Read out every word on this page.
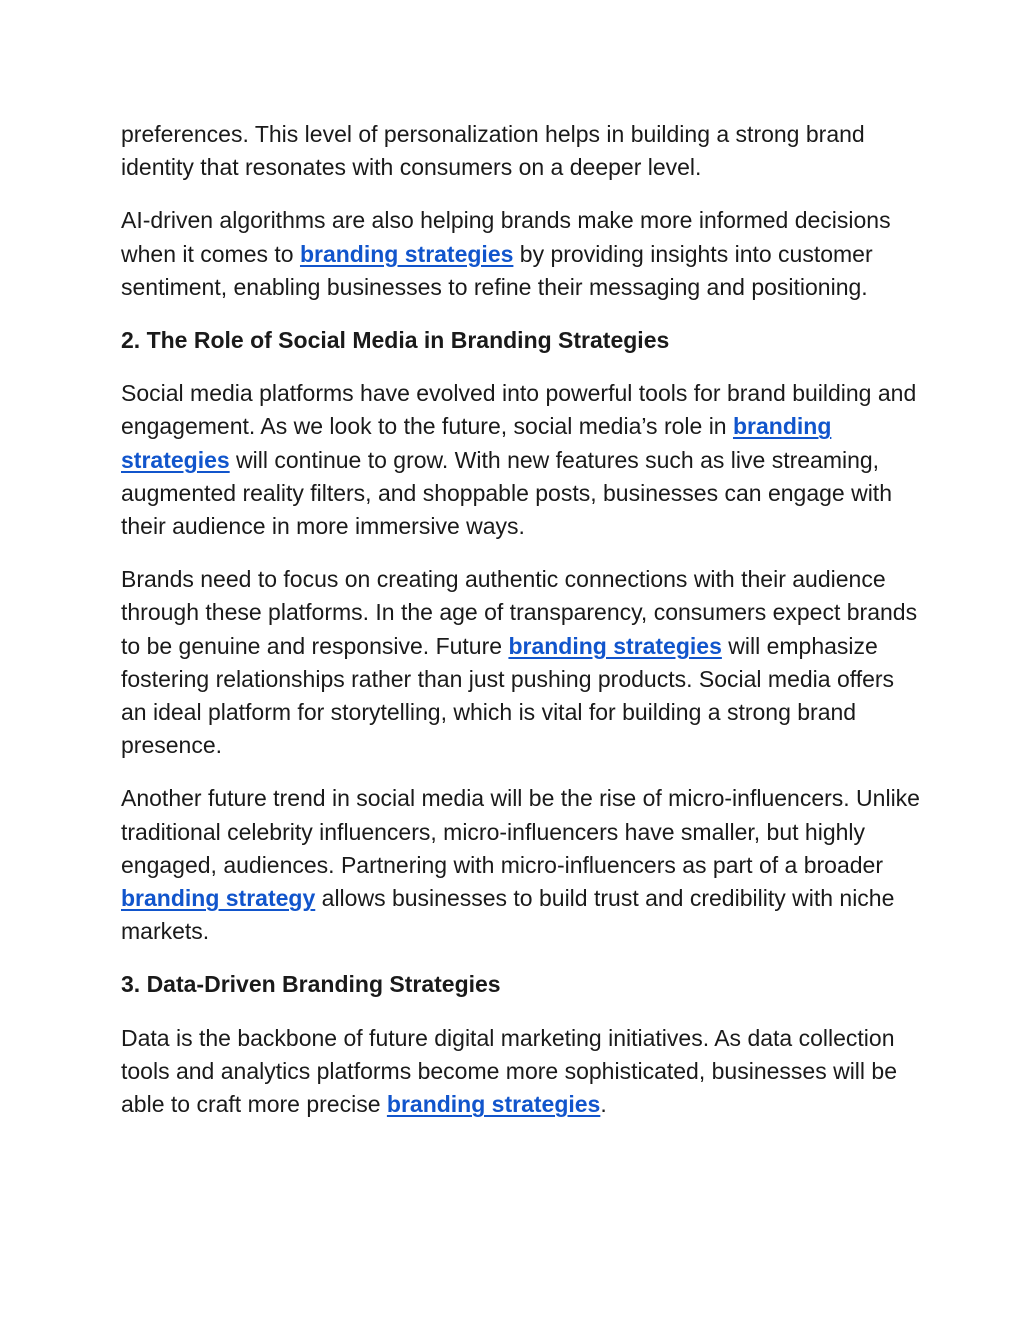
preferences. This level of personalization helps in building a strong brand identity that resonates with consumers on a deeper level.

AI-driven algorithms are also helping brands make more informed decisions when it comes to branding strategies by providing insights into customer sentiment, enabling businesses to refine their messaging and positioning.

2. The Role of Social Media in Branding Strategies

Social media platforms have evolved into powerful tools for brand building and engagement. As we look to the future, social media’s role in branding strategies will continue to grow. With new features such as live streaming, augmented reality filters, and shoppable posts, businesses can engage with their audience in more immersive ways.

Brands need to focus on creating authentic connections with their audience through these platforms. In the age of transparency, consumers expect brands to be genuine and responsive. Future branding strategies will emphasize fostering relationships rather than just pushing products. Social media offers an ideal platform for storytelling, which is vital for building a strong brand presence.

Another future trend in social media will be the rise of micro-influencers. Unlike traditional celebrity influencers, micro-influencers have smaller, but highly engaged, audiences. Partnering with micro-influencers as part of a broader branding strategy allows businesses to build trust and credibility with niche markets.

3. Data-Driven Branding Strategies

Data is the backbone of future digital marketing initiatives. As data collection tools and analytics platforms become more sophisticated, businesses will be able to craft more precise branding strategies.
